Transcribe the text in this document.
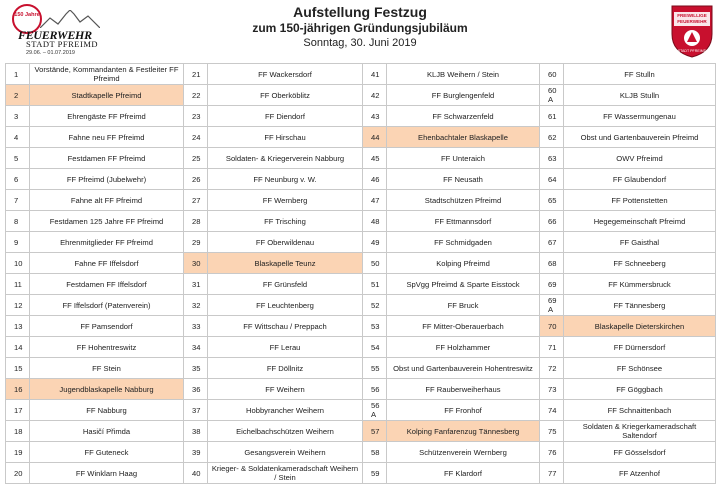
150 Jahre
FEUERWEHR
STADT PFREIMD
29.06. – 01.07.2019
Aufstellung Festzug
zum 150-jährigen Gründungsjubiläum
Sonntag, 30. Juni 2019
FREIWILLIGE
FEUERWEHR
STADT PFREIMD
1	Vorstände, Kommandanten & Festleiter FF Pfreimd	21	FF Wackersdorf	41	KLJB Weihern / Stein	60	FF Stulln
2	Stadtkapelle Pfreimd	22	FF Oberköblitz	42	FF Burglengenfeld	60 A	KLJB Stulln
3	Ehrengäste FF Pfreimd	23	FF Diendorf	43	FF Schwarzenfeld	61	FF Wassermungenau
4	Fahne neu FF Pfreimd	24	FF Hirschau	44	Ehenbachtaler Blaskapelle	62	Obst und Gartenbauverein Pfreimd
5	Festdamen FF Pfreimd	25	Soldaten- & Kriegerverein Nabburg	45	FF Unteraich	63	OWV Pfreimd
6	FF Pfreimd (Jubelwehr)	26	FF Neunburg v. W.	46	FF Neusath	64	FF Glaubendorf
7	Fahne alt FF Pfreimd	27	FF Wernberg	47	Stadtschützen Pfreimd	65	FF Pottenstetten
8	Festdamen 125 Jahre FF Pfreimd	28	FF Trisching	48	FF Ettmannsdorf	66	Hegegemeinschaft Pfreimd
9	Ehrenmitglieder FF Pfreimd	29	FF Oberwildenau	49	FF Schmidgaden	67	FF Gaisthal
10	Fahne FF Iffelsdorf	30	Blaskapelle Teunz	50	Kolping Pfreimd	68	FF Schneeberg
11	Festdamen FF Iffelsdorf	31	FF Grünsfeld	51	SpVgg Pfreimd & Sparte Eisstock	69	FF Kümmersbruck
12	FF Iffelsdorf (Patenverein)	32	FF Leuchtenberg	52	FF Bruck	69 A	FF Tännesberg
13	FF Pamsendorf	33	FF Wittschau / Preppach	53	FF Mitter-Oberauerbach	70	Blaskapelle Dieterskirchen
14	FF Hohentreswitz	34	FF Lerau	54	FF Holzhammer	71	FF Dürnersdorf
15	FF Stein	35	FF Döllnitz	55	Obst und Gartenbauverein Hohentreswitz	72	FF Schönsee
16	Jugendblaskapelle Nabburg	36	FF Weihern	56	FF Rauberweiherhaus	73	FF Göggbach
17	FF Nabburg	37	Hobbyrancher Weihern	56 A	FF Fronhof	74	FF Schnaittenbach
18	Hasičí Přimda	38	Eichelbachschützen Weihern	57	Kolping Fanfarenzug Tännesberg	75	Soldaten & Kriegerkameradschaft Saltendorf
19	FF Guteneck	39	Gesangsverein Weihern	58	Schützenverein Wernberg	76	FF Gösselsdorf
20	FF Winklarn Haag	40	Krieger- & Soldatenkameradschaft Weihern / Stein	59	FF Klardorf	77	FF Atzenhof
